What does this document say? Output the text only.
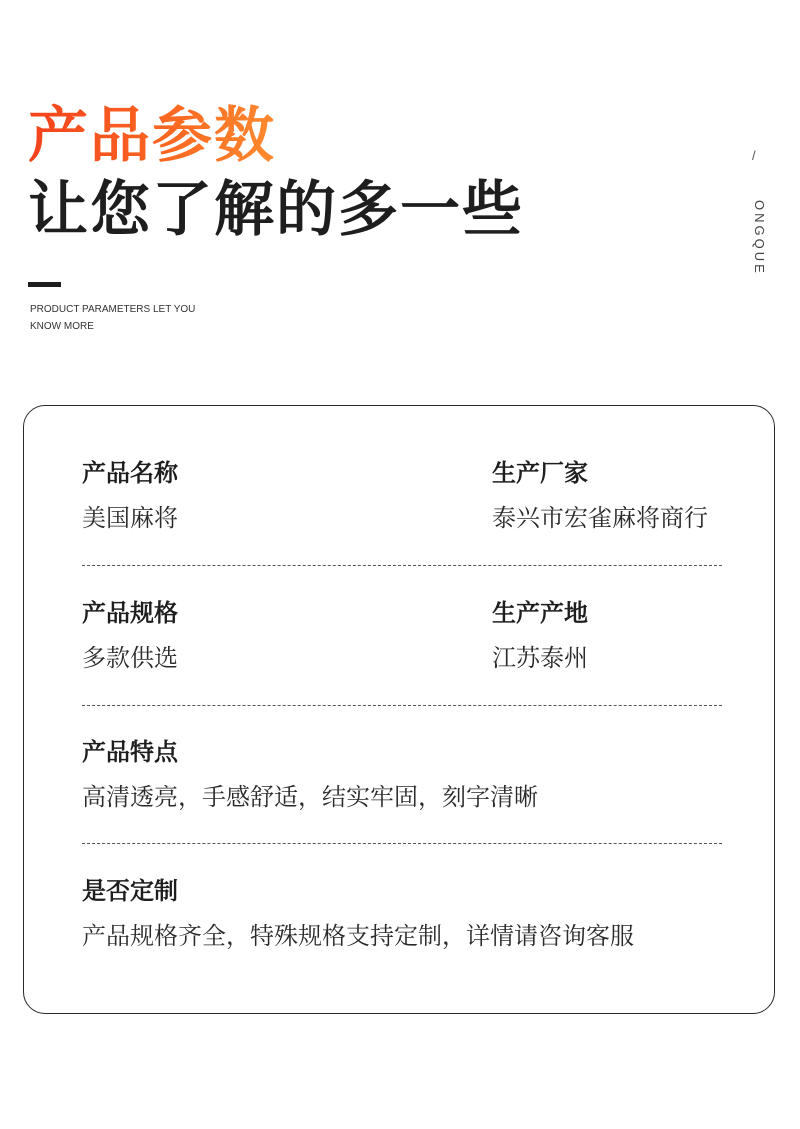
产品参数
让您了解的多一些
PRODUCT PARAMETERS LET YOU KNOW MORE
/
ONGQUE
产品名称
美国麻将
生产厂家
泰兴市宏雀麻将商行
产品规格
多款供选
生产产地
江苏泰州
产品特点
高清透亮，手感舒适，结实牢固，刻字清晰
是否定制
产品规格齐全，特殊规格支持定制，详情请咨询客服
